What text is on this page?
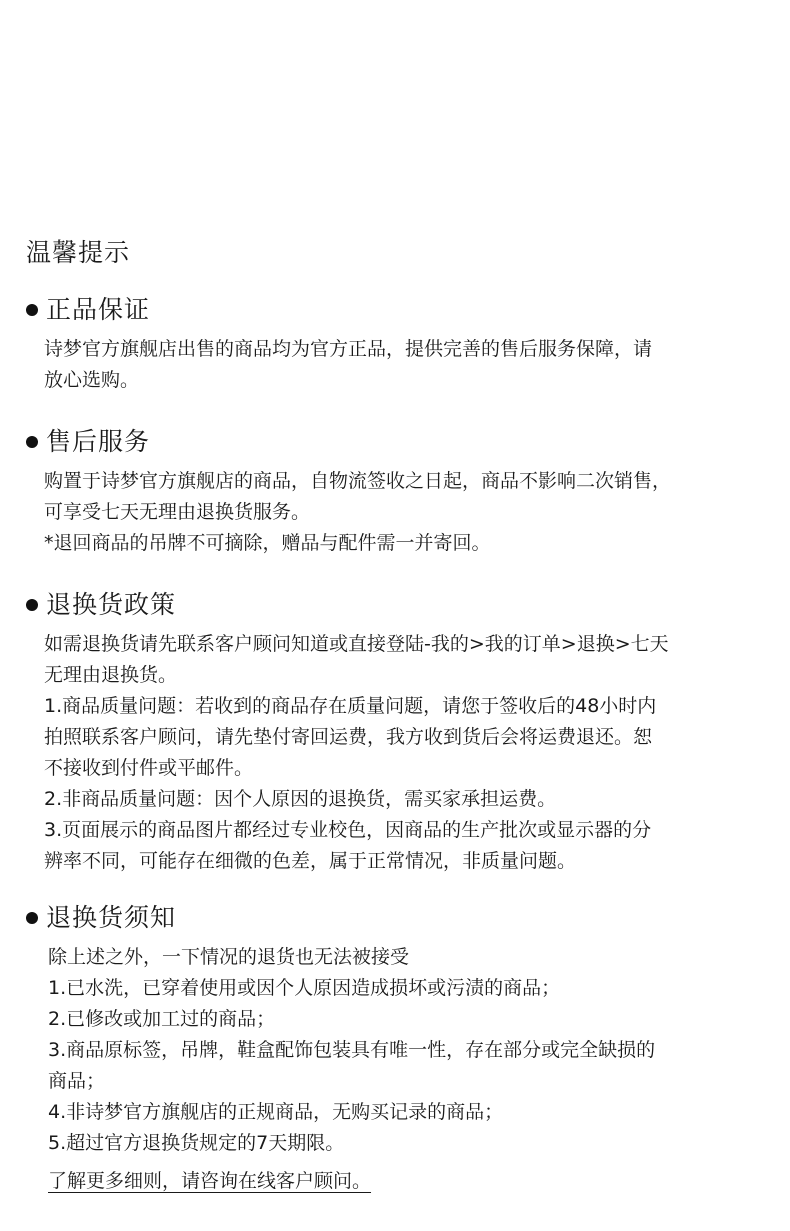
温馨提示
正品保证
诗梦官方旗舰店出售的商品均为官方正品，提供完善的售后服务保障，请
放心选购。
售后服务
购置于诗梦官方旗舰店的商品，自物流签收之日起，商品不影响二次销售，
可享受七天无理由退换货服务。
*退回商品的吊牌不可摘除，赠品与配件需一并寄回。
退换货政策
如需退换货请先联系客户顾问知道或直接登陆-我的>我的订单>退换>七天
无理由退换货。
1.商品质量问题：若收到的商品存在质量问题，请您于签收后的48小时内
拍照联系客户顾问，请先垫付寄回运费，我方收到货后会将运费退还。恕
不接收到付件或平邮件。
2.非商品质量问题：因个人原因的退换货，需买家承担运费。
3.页面展示的商品图片都经过专业校色，因商品的生产批次或显示器的分
辨率不同，可能存在细微的色差，属于正常情况，非质量问题。
退换货须知
除上述之外，一下情况的退货也无法被接受
1.已水洗，已穿着使用或因个人原因造成损坏或污渍的商品；
2.已修改或加工过的商品；
3.商品原标签，吊牌，鞋盒配饰包装具有唯一性，存在部分或完全缺损的
商品；
4.非诗梦官方旗舰店的正规商品，无购买记录的商品；
5.超过官方退换货规定的7天期限。
了解更多细则，请咨询在线客户顾问。
